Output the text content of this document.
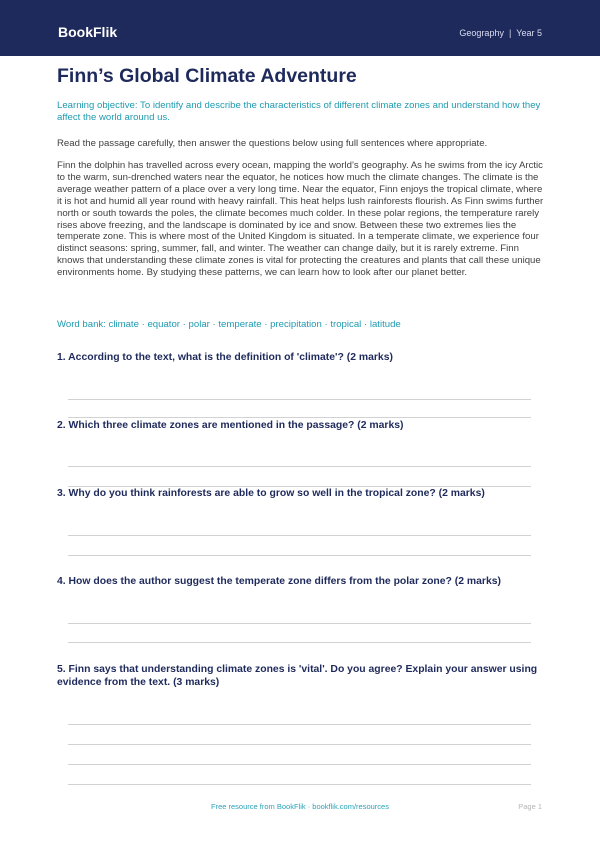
BookFlik	Geography | Year 5
Finn’s Global Climate Adventure

Learning objective: To identify and describe the characteristics of different climate zones and understand how they affect the world around us.

Read the passage carefully, then answer the questions below using full sentences where appropriate.

Finn the dolphin has travelled across every ocean, mapping the world’s geography. As he swims from the icy Arctic to the warm, sun-drenched waters near the equator, he notices how much the climate changes. The climate is the average weather pattern of a place over a very long time. Near the equator, Finn enjoys the tropical climate, where it is hot and humid all year round with heavy rainfall. This heat helps lush rainforests flourish. As Finn swims further north or south towards the poles, the climate becomes much colder. In these polar regions, the temperature rarely rises above freezing, and the landscape is dominated by ice and snow. Between these two extremes lies the temperate zone. This is where most of the United Kingdom is situated. In a temperate climate, we experience four distinct seasons: spring, summer, fall, and winter. The weather can change daily, but it is rarely extreme. Finn knows that understanding these climate zones is vital for protecting the creatures and plants that call these unique environments home. By studying these patterns, we can learn how to look after our planet better.

Word bank: climate · equator · polar · temperate · precipitation · tropical · latitude

1. According to the text, what is the definition of 'climate'? (2 marks)

2. Which three climate zones are mentioned in the passage? (2 marks)

3. Why do you think rainforests are able to grow so well in the tropical zone? (2 marks)

4. How does the author suggest the temperate zone differs from the polar zone? (2 marks)

5. Finn says that understanding climate zones is 'vital'. Do you agree? Explain your answer using evidence from the text. (3 marks)

Free resource from BookFlik · bookflik.com/resources	Page 1
